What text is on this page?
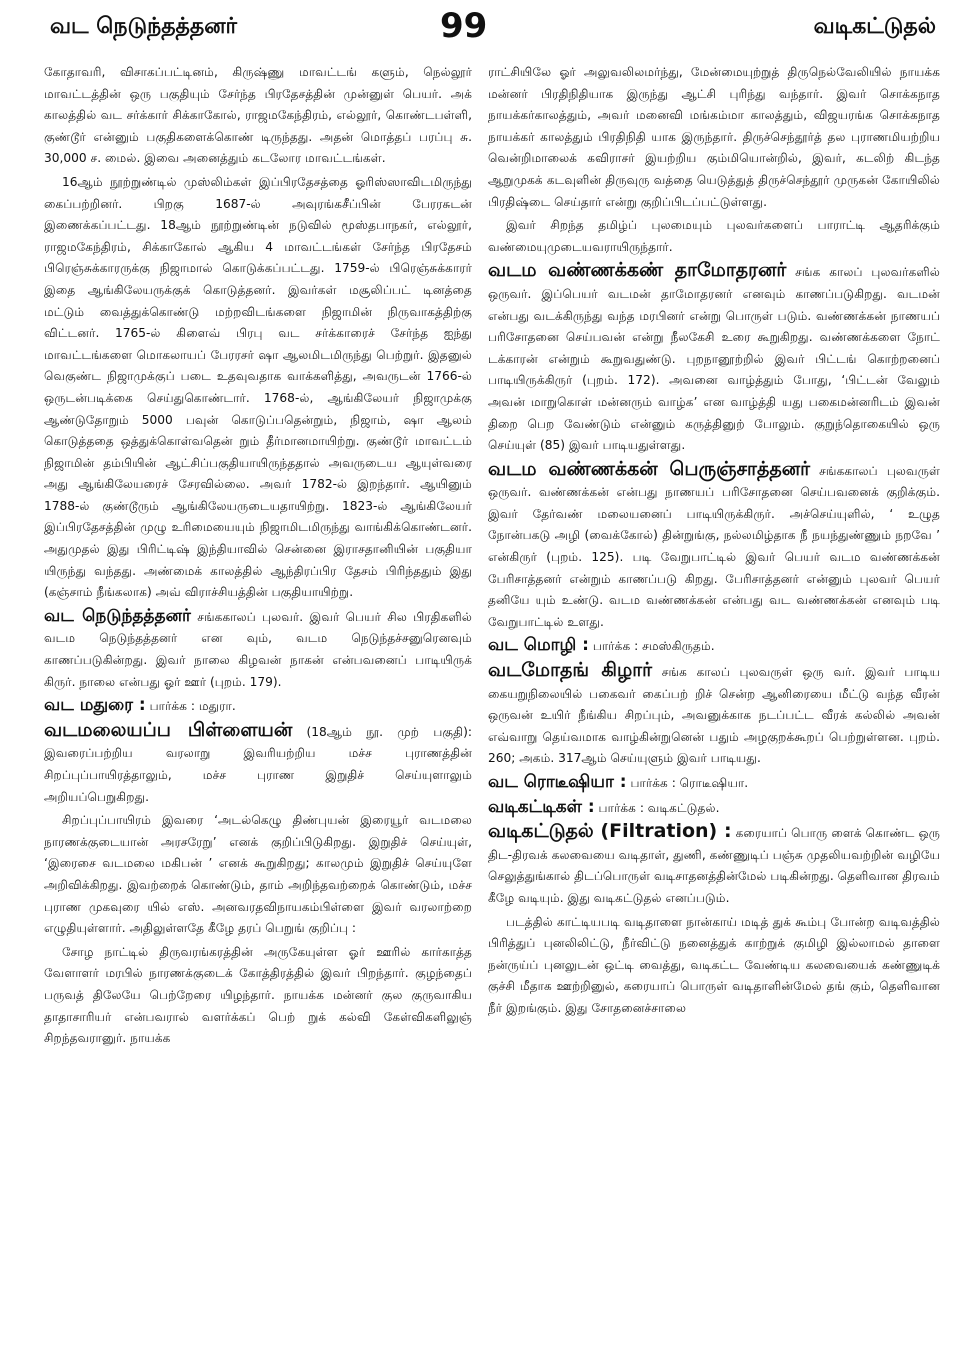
வட நெடுந்தத்தனர்	99	வடிகட்டுதல்

கோதாவரி, விசாகப்பட்டினம், கிருஷ்ணு மாவட்டங் களும், நெல்லூர் மாவட்டத்தின் ஒரு பகுதியும் சேர்ந்த பிரதேசத்தின் முன்னுள் பெயர். அக் காலத்தில் வட சர்க்கார் சிக்காகோல், ராஜமகேந்திரம், எல்லூர், கொண்டபள்ளி, குண்டூர் என்னும் பகுதிகளைக்கொண் டிருந்தது. அதன் மொத்தப் பரப்பு சு. 30,000 ச. மைல். இவை அனைத்தும் கடலோர மாவட்டங்கள்.

16ஆம் நூற்றுண்டில் முஸ்லிம்கள் இப்பிரதேசத்தை ஓரிஸ்ஸாவிடமிருந்து கைப்பற்றினர். பிறகு 1687-ல் அவுரங்கசீப்பின் பேரரசுடன் இணைக்கப்பட்டது. 18ஆம் நூற்றுண்டின் நடுவில் மூஸ்தபாநகர், எல்லூர், ராஜமகேந்திரம், சிக்காகோல் ஆகிய 4 மாவட்டங்கள் சேர்ந்த பிரதேசம் பிரெஞ்சுக்காரருக்கு நிஜாமால் கொடுக்கப்பட்டது. 1759-ல் பிரெஞ்சுக்காரர் இதை ஆங்கிலேயருக்குக் கொடுத்தனர். இவர்கள் மசூலிப்பட் டினத்தை மட்டும் வைத்துக்கொண்டு மற்றவிடங்களை நிஜாமின் நிருவாகத்திற்கு விட்டனர். 1765-ல் கிளைவ் பிரபு வட சர்க்காரைச் சேர்ந்த ஐந்து மாவட்டங்களை மொகலாயப் பேரரசர் ஷா ஆலமிடமிருந்து பெற்றுர். இதனுல் வெகுண்ட நிஜாமுக்குப் படை உதவுவதாக வாக்களித்து, அவருடன் 1766-ல் ஒருடன்படிக்கை செய்துகொண்டார். 1768-ல், ஆங்கிலேயர் நிஜாமுக்கு ஆண்டுதோறும் 5000 பவுன் கொடுப்பதென்றும், நிஜாம், ஷா ஆலம் கொடுத்ததை ஒத்துக்கொள்வதென் றும் தீர்மானமாயிற்று. குண்டூர் மாவட்டம் நிஜாமின் தம்பியின் ஆட்சிப்பகுதியாயிருந்ததால் அவருடைய ஆயுள்வரை அது ஆங்கிலேயரைச் சேரவில்லை. அவர் 1782-ல் இறந்தார். ஆயினும் 1788-ல் குண்டூரும் ஆங்கிலேயருடையதாயிற்று. 1823-ல் ஆங்கிலேயர் இப்பிரதேசத்தின் முழு உரிமையையும் நிஜாமிடமிருந்து வாங்கிக்கொண்டனர். அதுமுதல் இது பிரிட்டிஷ் இந்தியாவில் சென்னை இராசதானியின் பகுதியா யிருந்து வந்தது. அண்மைக் காலத்தில் ஆந்திரப்பிர தேசம் பிரிந்ததும் இது (கஞ்சாம் நீங்கலாக) அவ் விராச்சியத்தின் பகுதியாயிற்று.

வட நெடுந்தத்தனர் சங்ககாலப் புலவர். இவர் பெயர் சில பிரதிகளில் வடம நெடுந்தத்தனர் என வும், வடம நெடுந்தச்சனுரெனவும் காணப்படுகின்றது. இவர் நாலை கிழவன் நாகன் என்பவனைப் பாடியிருக் கிருர். நாலை என்பது ஓர் ஊர் (புறம். 179).

வட மதுரை : பார்க்க : மதுரா.

வடமலையப்ப பிள்ளையன் (18ஆம் நூ. முற் பகுதி): இவரைப்பற்றிய வரலாறு இவரியற்றிய மச்ச புராணத்தின் சிறப்புப்பாயிரத்தாலும், மச்ச புராண இறுதிச் செய்யுளாலும் அறியப்பெறுகிறது.

சிறப்புப்பாயிரம் இவரை ‘அடல்கெழு திண்புயன் இரையூர் வடமலை நாரணக்குடையான் அரசரேறு’ எனக் குறிப்பிடுகிறது. இறுதிச் செய்யுள், ‘இரைசை வடமலை மகிபன் ’ எனக் கூறுகிறது; காலமும் இறுதிச் செய்யுளே அறிவிக்கிறது. இவற்றைக் கொண்டும், தாம் அறிந்தவற்றைக் கொண்டும், மச்ச புராண முகவுரை யில் எஸ். அனவரதவிநாயகம்பிள்ளை இவர் வரலாற்றை எழுதியுள்ளார். அதிலுள்ளதே கீழே தரப் பெறுங் குறிப்பு :

சோழ நாட்டில் திருவரங்கரத்தின் அருகேயுள்ள ஓர் ஊரில் கார்காத்த வேளாளர் மரபில் நாரணக்குடைக் கோத்திரத்தில் இவர் பிறந்தார். குழந்தைப் பருவத் திலேயே பெற்றேரை யிழந்தார். நாயக்க மன்னர் குல குருவாகிய தாதாசாரியர் என்பவரால் வளர்க்கப் பெற் றுக் கல்வி கேள்விகளிலுஞ் சிறந்தவரானுர். நாயக்க

ராட்சியிலே ஓர் அலுவலிலமர்ந்து, மேன்மையுற்றுத் திருநெல்வேலியில் நாயக்க மன்னர் பிரதிநிதியாக இருந்து ஆட்சி புரிந்து வந்தார். இவர் சொக்கநாத நாயக்கர்காலத்தும், அவர் மனைவி மங்கம்மா காலத்தும், விஜயரங்க சொக்கநாத நாயக்கர் காலத்தும் பிரதிநிதி யாக இருந்தார். திருச்செந்தூர்த் தல புராணமியற்றிய வென்றிமாலைக் கவிராசர் இயற்றிய கும்மியொன்றில், இவர், கடலிற் கிடந்த ஆறுமுகக் கடவுளின் திருவுரு வத்தை யெடுத்துத் திருச்செந்தூர் முருகன் கோயிலில் பிரதிஷ்டை செய்தார் என்று குறிப்பிடப்பட்டுள்ளது.

இவர் சிறந்த தமிழ்ப் புலமையும் புலவர்களைப் பாராட்டி ஆதரிக்கும் வண்மையுமுடையவராயிருந்தார்.

வடம வண்ணக்கண் தாமோதரனர் சங்க காலப் புலவர்களில் ஒருவர். இப்பெயர் வடமன் தாமோதரனர் எனவும் காணப்படுகிறது. வடமன் என்பது வடக்கிருந்து வந்த மரபினர் என்று பொருள் படும். வண்ணக்கன் நாணயப் பரிசோதனை செய்பவன் என்று நீலகேசி உரை கூறுகிறது. வண்ணக்களை நோட் டக்காரன் என்றும் கூறுவதுண்டு. புறநானூற்றில் இவர் பிட்டங் கொற்றனைப் பாடியிருக்கிருர் (புறம். 172). அவனை வாழ்த்தும் போது, ‘பிட்டன் வேலும் அவன் மாறுகொள் மன்னரும் வாழ்க’ என வாழ்த்தி யது பகைமன்னரிடம் இவன் திறை பெற வேண்டும் என்னும் கருத்தினுற் போலும். குறுந்தொகையில் ஒரு செய்யுள் (85) இவர் பாடியதுள்ளது.

வடம வண்ணக்கன் பெருஞ்சாத்தனர் சங்ககாலப் புலவருள் ஒருவர். வண்ணக்கன் என்பது நாணயப் பரிசோதனை செய்பவனைக் குறிக்கும். இவர் தேர்வண் மலையனைப் பாடியிருக்கிருர். அச்செய்யுளில், ‘ உழுத நோன்பகடு அழி (வைக்கோல்) தின்றுங்கு, நல்லமிழ்தாக நீ நயந்துண்ணும் நறவே ’ என்கிருர் (புறம். 125). படி வேறுபாட்டில் இவர் பெயர் வடம வண்ணக்கன் பேரிசாத்தனர் என்றும் காணப்படு கிறது. பேரிசாத்தனர் என்னும் புலவர் பெயர் தனியே யும் உண்டு. வடம வண்ணக்கன் என்பது வட வண்ணக்கன் எனவும் படி வேறுபாட்டில் உளது.

வட மொழி : பார்க்க : சமஸ்கிருதம்.

வடமோதங் கிழார் சங்க காலப் புலவருள் ஒரு வர். இவர் பாடிய கையறுநிலையில் பகைவர் கைப்பற் றிச் சென்ற ஆனிரையை மீட்டு வந்த வீரன் ஒருவன் உயிர் நீங்கிய சிறப்பும், அவனுக்காக நடப்பட்ட வீரக் கல்லில் அவன் எவ்வாறு தெய்வமாக வாழ்கின்றுனென் பதும் அழகுறக்கூறப் பெற்றுள்ளன. புறம். 260; அகம். 317ஆம் செய்யுளும் இவர் பாடியது.

வட ரொடீஷியா : பார்க்க : ரொடீஷியா.

வடிகட்டிகள் : பார்க்க : வடிகட்டுதல்.

வடிகட்டுதல் (Filtration) : கரையாப் பொரு ளைக் கொண்ட ஒரு திட-திரவக் கலவையை வடிதாள், துணி, கண்ணுடிப் பஞ்சு முதலியவற்றின் வழியே செலுத்துங்கால் திடப்பொருள் வடிசாதனத்தின்மேல் படிகின்றது. தெளிவான திரவம் கீழே வடியும். இது வடிகட்டுதல் எனப்படும்.

படத்தில் காட்டியபடி வடிதாளை நான்காய் மடித் துக் கூம்பு போன்ற வடிவத்தில் பிரித்துப் புனலிலிட்டு, நீர்விட்டு நனைத்துக் காற்றுக் குமிழி இல்லாமல் தாளை நன்ருய்ப் புனலுடன் ஒட்டி வைத்து, வடிகட்ட வேண்டிய கலவையைக் கண்ணுடிக் குச்சி மீதாக ஊற்றினுல், கரையாப் பொருள் வடிதாளின்மேல் தங் கும், தெளிவான நீர் இறங்கும். இது சோதனைச்சாலை
